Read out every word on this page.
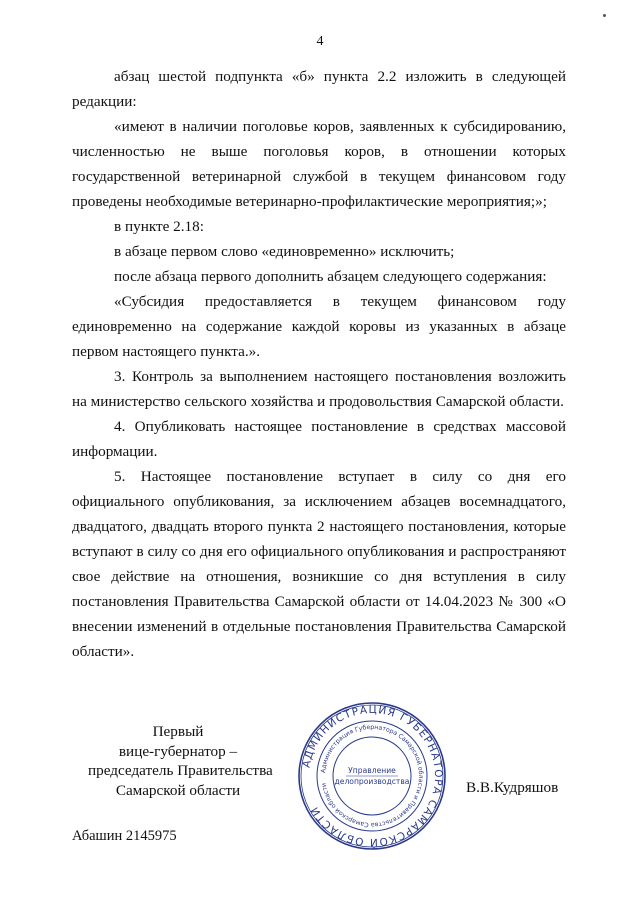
4

абзац шестой подпункта «б» пункта 2.2 изложить в следующей редакции:

«имеют в наличии поголовье коров, заявленных к субсидированию, численностью не выше поголовья коров, в отношении которых государственной ветеринарной службой в текущем финансовом году проведены необходимые ветеринарно-профилактические мероприятия;»;

в пункте 2.18:

в абзаце первом слово «единовременно» исключить;

после абзаца первого дополнить абзацем следующего содержания:

«Субсидия предоставляется в текущем финансовом году единовременно на содержание каждой коровы из указанных в абзаце первом настоящего пункта.».

3. Контроль за выполнением настоящего постановления возложить на министерство сельского хозяйства и продовольствия Самарской области.

4. Опубликовать настоящее постановление в средствах массовой информации.

5. Настоящее постановление вступает в силу со дня его официального опубликования, за исключением абзацев восемнадцатого, двадцатого, двадцать второго пункта 2 настоящего постановления, которые вступают в силу со дня его официального опубликования и распространяют свое действие на отношения, возникшие со дня вступления в силу постановления Правительства Самарской области от 14.04.2023 № 300 «О внесении изменений в отдельные постановления Правительства Самарской области».

Первый
вице-губернатор –
председатель Правительства
Самарской области
АДМИНИСТРАЦИЯ ГУБЕРНАТОРА САМАРСКОЙ ОБЛАСТИ
Администрация Губернатора Самарской области и Правительства Самарской области
Управление
делопроизводства	В.В.Кудряшов
Абашин 2145975
